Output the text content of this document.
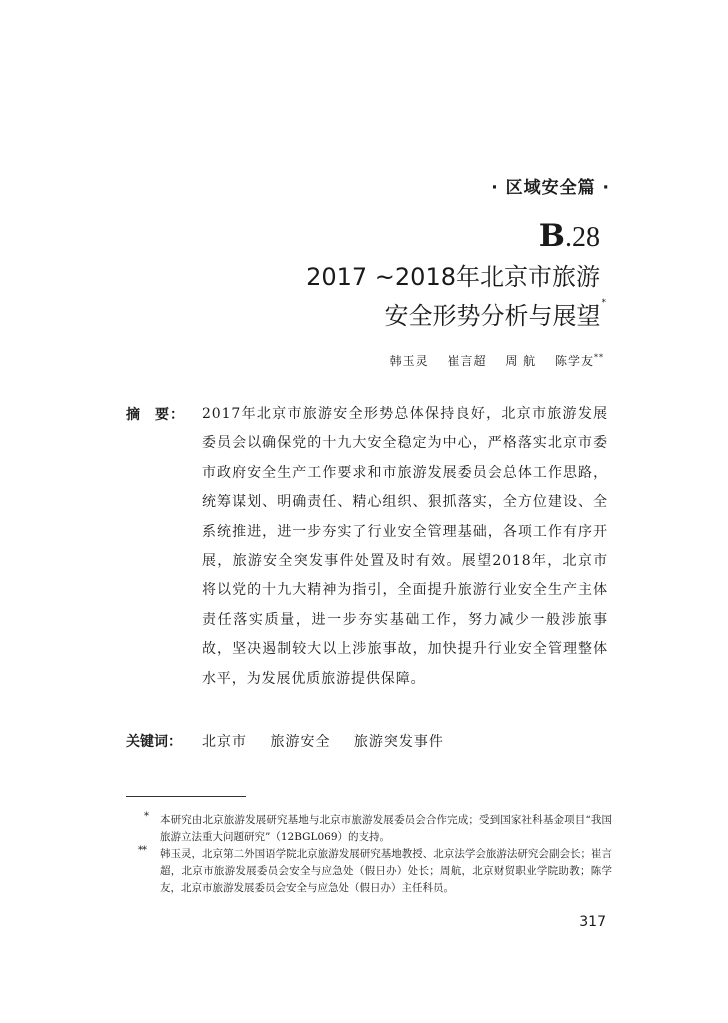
· 区域安全篇 ·
B.28
2017 ~2018年北京市旅游
安全形势分析与展望*
韩玉灵 崔言超 周 航 陈学友**
摘 要： 2017年北京市旅游安全形势总体保持良好，北京市旅游发展委员会以确保党的十九大安全稳定为中心，严格落实北京市委市政府安全生产工作要求和市旅游发展委员会总体工作思路，统筹谋划、明确责任、精心组织、狠抓落实，全方位建设、全系统推进，进一步夯实了行业安全管理基础，各项工作有序开展，旅游安全突发事件处置及时有效。展望2018年，北京市将以党的十九大精神为指引，全面提升旅游行业安全生产主体责任落实质量，进一步夯实基础工作，努力减少一般涉旅事故，坚决遏制较大以上涉旅事故，加快提升行业安全管理整体水平，为发展优质旅游提供保障。
关键词： 北京市 旅游安全 旅游突发事件
* 本研究由北京旅游发展研究基地与北京市旅游发展委员会合作完成；受到国家社科基金项目“我国旅游立法重大问题研究”（12BGL069）的支持。
** 韩玉灵，北京第二外国语学院北京旅游发展研究基地教授、北京法学会旅游法研究会副会长；崔言超，北京市旅游发展委员会安全与应急处（假日办）处长；周航，北京财贸职业学院助教；陈学友，北京市旅游发展委员会安全与应急处（假日办）主任科员。
317
